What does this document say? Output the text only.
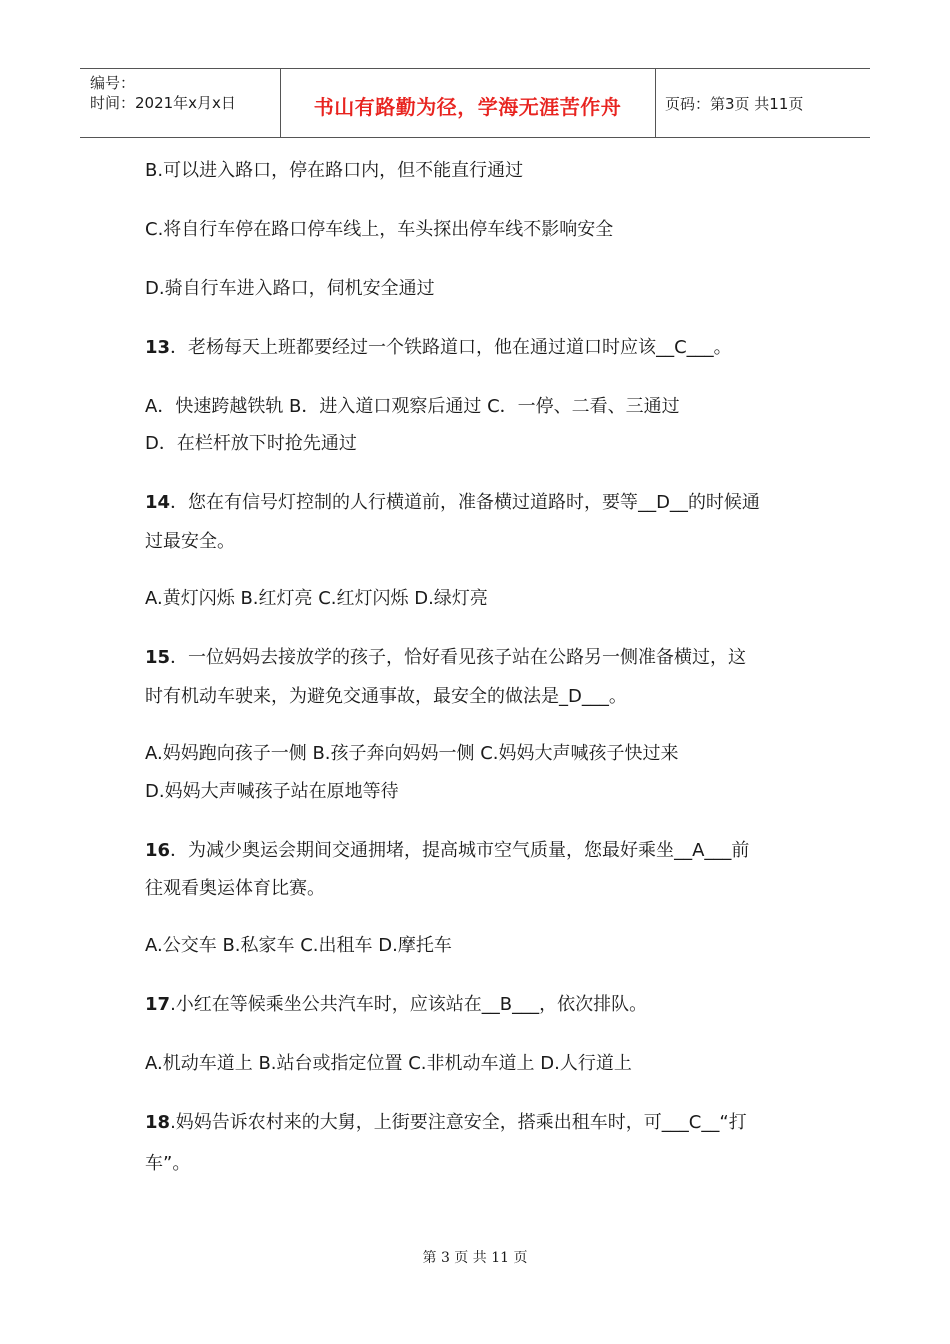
编号：
时间：2021年x月x日	书山有路勤为径，学海无涯苦作舟	页码：第3页 共11页
B.可以进入路口，停在路口内，但不能直行通过
C.将自行车停在路口停车线上，车头探出停车线不影响安全
D.骑自行车进入路口，伺机安全通过
13．老杨每天上班都要经过一个铁路道口，他在通过道口时应该__C___。
A．快速跨越铁轨 B．进入道口观察后通过 C．一停、二看、三通过
D．在栏杆放下时抢先通过
14．您在有信号灯控制的人行横道前，准备横过道路时，要等__D__的时候通
过最安全。
A.黄灯闪烁 B.红灯亮 C.红灯闪烁 D.绿灯亮
15．一位妈妈去接放学的孩子，恰好看见孩子站在公路另一侧准备横过，这
时有机动车驶来，为避免交通事故，最安全的做法是_D___。
A.妈妈跑向孩子一侧 B.孩子奔向妈妈一侧 C.妈妈大声喊孩子快过来
D.妈妈大声喊孩子站在原地等待
16．为减少奥运会期间交通拥堵，提高城市空气质量，您最好乘坐__A___前
往观看奥运体育比赛。
A.公交车 B.私家车 C.出租车 D.摩托车
17.小红在等候乘坐公共汽车时，应该站在__B___，依次排队。
A.机动车道上 B.站台或指定位置 C.非机动车道上 D.人行道上
18.妈妈告诉农村来的大舅，上街要注意安全，搭乘出租车时，可___C__“打
车”。
第 3 页 共 11 页
